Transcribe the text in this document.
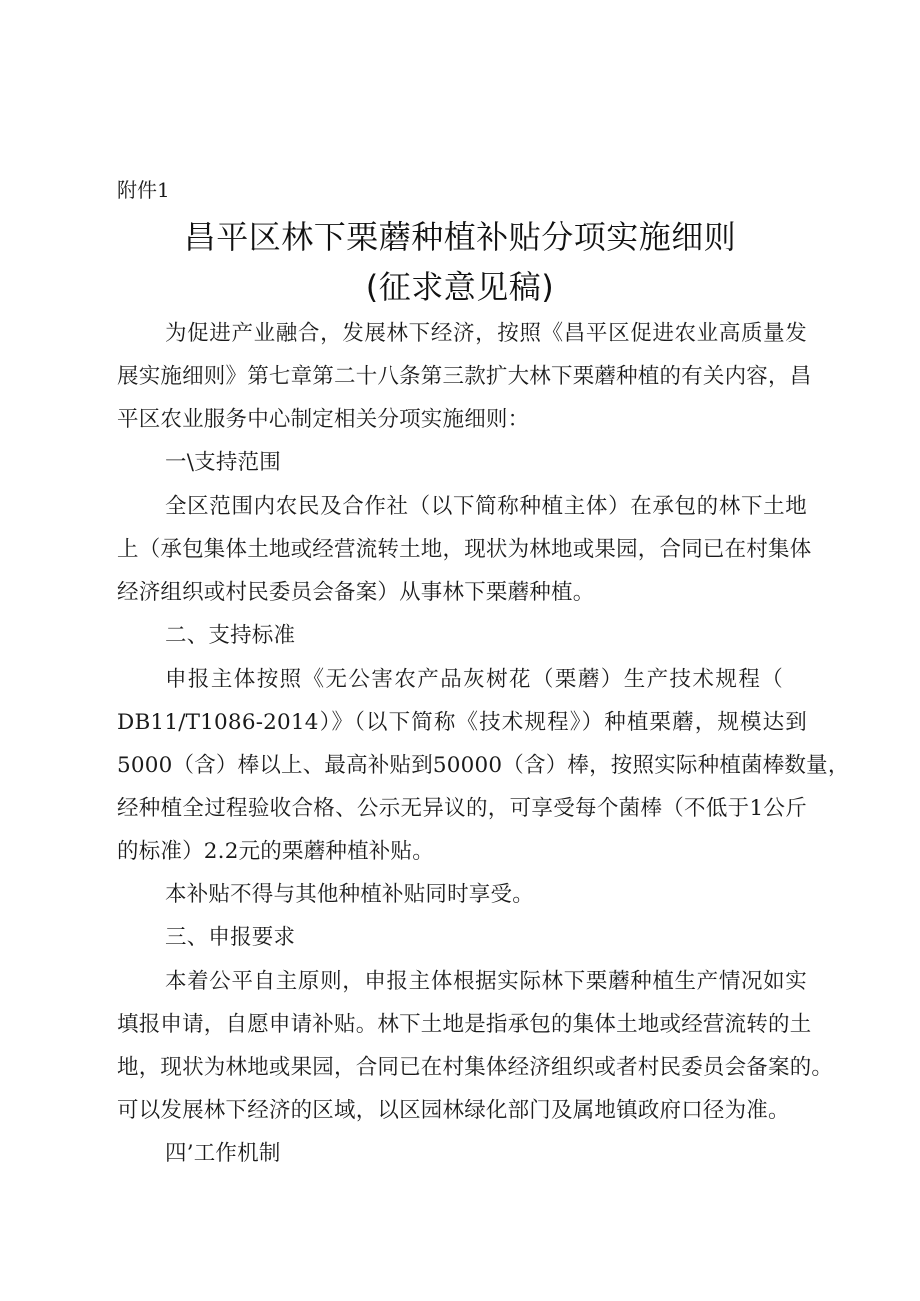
附件1
昌平区林下栗蘑种植补贴分项实施细则
(征求意见稿)
为促进产业融合，发展林下经济，按照《昌平区促进农业高质量发
展实施细则》第七章第二十八条第三款扩大林下栗蘑种植的有关内容，昌
平区农业服务中心制定相关分项实施细则：
一\支持范围
全区范围内农民及合作社（以下简称种植主体）在承包的林下土地
上（承包集体土地或经营流转土地，现状为林地或果园，合同已在村集体
经济组织或村民委员会备案）从事林下栗蘑种植。
二、支持标准
申报主体按照《无公害农产品灰树花（栗蘑）生产技术规程（
DB11/T1086-2014）》（以下简称《技术规程》）种植栗蘑，规模达到
5000（含）棒以上、最高补贴到50000（含）棒，按照实际种植菌棒数量，
经种植全过程验收合格、公示无异议的，可享受每个菌棒（不低于1公斤
的标准）2.2元的栗蘑种植补贴。
本补贴不得与其他种植补贴同时享受。
三、申报要求
本着公平自主原则，申报主体根据实际林下栗蘑种植生产情况如实
填报申请，自愿申请补贴。林下土地是指承包的集体土地或经营流转的土
地，现状为林地或果园，合同已在村集体经济组织或者村民委员会备案的。
可以发展林下经济的区域，以区园林绿化部门及属地镇政府口径为准。
四’工作机制
